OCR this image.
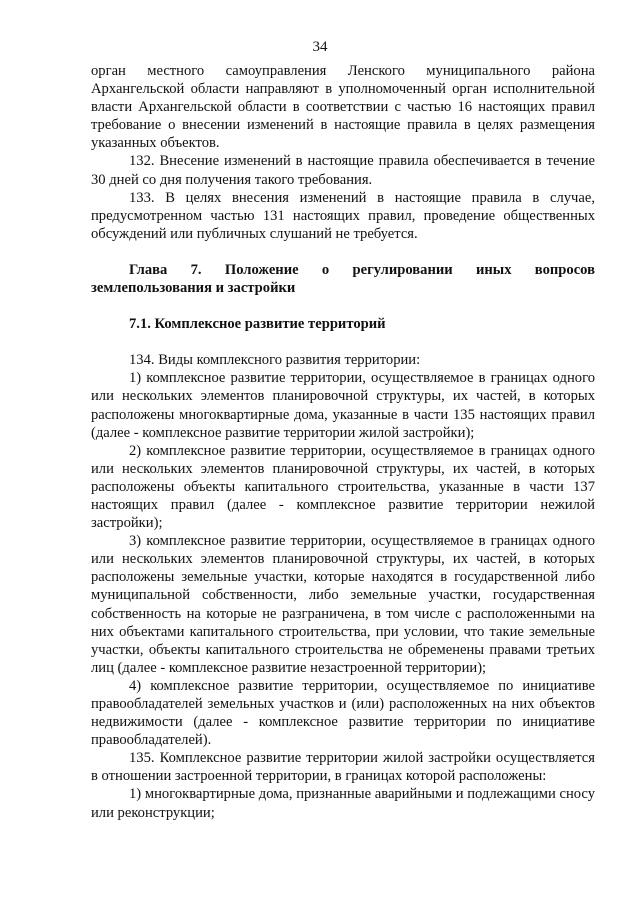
34

орган местного самоуправления Ленского муниципального района Архангельской области направляют в уполномоченный орган исполнительной власти Архангельской области в соответствии с частью 16 настоящих правил требование о внесении изменений в настоящие правила в целях размещения указанных объектов.

132. Внесение изменений в настоящие правила обеспечивается в течение 30 дней со дня получения такого требования.

133. В целях внесения изменений в настоящие правила в случае, предусмотренном частью 131 настоящих правил, проведение общественных обсуждений или публичных слушаний не требуется.

Глава 7. Положение о регулировании иных вопросов землепользования и застройки

7.1. Комплексное развитие территорий

134. Виды комплексного развития территории:

1) комплексное развитие территории, осуществляемое в границах одного или нескольких элементов планировочной структуры, их частей, в которых расположены многоквартирные дома, указанные в части 135 настоящих правил (далее - комплексное развитие территории жилой застройки);

2) комплексное развитие территории, осуществляемое в границах одного или нескольких элементов планировочной структуры, их частей, в которых расположены объекты капитального строительства, указанные в части 137 настоящих правил (далее - комплексное развитие территории нежилой застройки);

3) комплексное развитие территории, осуществляемое в границах одного или нескольких элементов планировочной структуры, их частей, в которых расположены земельные участки, которые находятся в государственной либо муниципальной собственности, либо земельные участки, государственная собственность на которые не разграничена, в том числе с расположенными на них объектами капитального строительства, при условии, что такие земельные участки, объекты капитального строительства не обременены правами третьих лиц (далее - комплексное развитие незастроенной территории);

4) комплексное развитие территории, осуществляемое по инициативе правообладателей земельных участков и (или) расположенных на них объектов недвижимости (далее - комплексное развитие территории по инициативе правообладателей).

135. Комплексное развитие территории жилой застройки осуществляется в отношении застроенной территории, в границах которой расположены:

1) многоквартирные дома, признанные аварийными и подлежащими сносу или реконструкции;
